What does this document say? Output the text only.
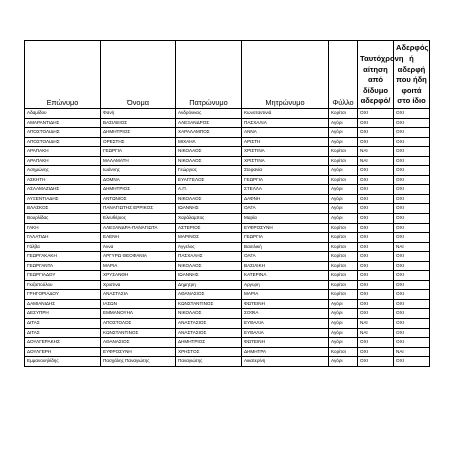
Επώνυμο	Όνομα	Πατρώνυμο	Μητρώνυμο	Φύλλο	Ταυτόχρονη αίτηση από δίδυμο αδερφό/	Αδερφός ή αδερφή που ήδη φοιτά στο ίδιο
Αδαμίδου	Φανή	Ανδρόνικος	Κωνσταντινιά	Κορίτσι	ΟΧΙ	ΟΧΙ
ΑΜΑΡΑΝΤΙΔΗΣ	ΒΑΣΙΛΕΙΟΣ	ΑΛΕΞΑΝΔΡΟΣ	ΠΑΣΧΑΛΙΑ	Αγόρι	ΟΧΙ	ΟΧΙ
ΑΠΟΣΤΟΛΙΔΗΣ	ΔΗΜΗΤΡΙΟΣ	ΧΑΡΑΛΑΜΠΟΣ	ΑΝΝΑ	Αγόρι	ΟΧΙ	ΟΧΙ
ΑΠΟΣΤΟΛΙΔΗΣ	ΟΡΕΣΤΗΣ	ΜΙΧΑΗΛ	ΑΡΙΣΤΗ	Αγόρι	ΟΧΙ	ΟΧΙ
ΑΡΑΠΑΚΗ	ΓΕΩΡΓΙΑ	ΝΙΚΟΛΑΟΣ	ΧΡΙΣΤΙΝΑ	Κορίτσι	ΝΑΙ	ΟΧΙ
ΑΡΑΠΑΚΗ	ΜΑΛΑΜΑΤΗ	ΝΙΚΟΛΑΟΣ	ΧΡΙΣΤΙΝΑ	Κορίτσι	ΝΑΙ	ΟΧΙ
Ασημώνης	Ιωάννης	Γεώργιος	Στεφανία	Αγόρι	ΟΧΙ	ΟΧΙ
ΑΣΚΗΤΗ	ΔΟΜΝΑ	ΕΥΑΓΓΕΛΟΣ	ΓΕΩΡΓΙΑ	Κορίτσι	ΟΧΙ	ΟΧΙ
ΑΣΛΑΜΑΖΙΔΗΣ	ΔΗΜΗΤΡΙΟΣ	Α.Π.	ΣΤΕΛΛΑ	Αγόρι	ΟΧΙ	ΟΧΙ
ΑΥΞΕΝΤΙΑΔΗΣ	ΑΝΤΩΝΙΟΣ	ΝΙΚΟΛΑΟΣ	ΔΑΦΝΗ	Αγόρι	ΟΧΙ	ΟΧΙ
ΒΛΑΣΚΟΣ	ΠΑΝΑΓΙΩΤΗΣ ΕΡΡΙΚΟΣ	ΙΩΑΝΝΗΣ	ΟΛΓΑ	Αγόρι	ΟΧΙ	ΟΧΙ
Βουρλίδας	Ελευθέριος	Χαράλαμπος	Μαρία	Αγόρι	ΟΧΙ	ΟΧΙ
ΓΑΚΗ	ΑΛΕΞΑΝΔΡΑ-ΠΑΝΑΓΙΩΤΑ	ΑΣΤΕΡΙΟΣ	ΕΥΦΡΟΣΥΝΗ	Κορίτσι	ΟΧΙ	ΟΧΙ
ΓΑΛΑΤΙΔΗ	ΕΛΕΝΗ	ΜΑΡΙΝΟΣ	ΓΕΩΡΓΙΑ	Κορίτσι	ΟΧΙ	ΟΧΙ
Γάλβα	Άννα	Άγγελος	Βασιλική	Κορίτσι	ΟΧΙ	ΝΑΙ
ΓΕΩΡΓΑΚΑΚΗ	ΑΡΓΥΡΩ ΘΕΟΦΑΝΙΑ	ΠΑΣΧΑΛΗΣ	ΟΛΓΑ	Κορίτσι	ΟΧΙ	ΟΧΙ
ΓΕΩΡΓΑΝΤΑ	ΜΑΡΙΑ	ΝΙΚΟΛΑΟΣ	ΒΑΣΙΛΙΚΗ	Κορίτσι	ΟΧΙ	ΟΧΙ
ΓΕΩΡΓΙΑΔΟΥ	ΧΡΥΣΑΝΘΗ	ΙΩΑΝΝΗΣ	ΚΑΤΕΡΙΝΑ	Κορίτσι	ΟΧΙ	ΟΧΙ
Γκιζοπούλου	Χριστινα	Δημητρη	Αργυρη	Κορίτσι	ΟΧΙ	ΟΧΙ
ΓΡΗΓΟΡΙΑΔΟΥ	ΑΝΑΣΤΑΣΙΑ	ΑΘΑΝΑΣΙΟΣ	ΜΑΡΙΑ	Κορίτσι	ΟΧΙ	ΟΧΙ
ΔΑΜΙΑΝΙΔΗΣ	ΙΑΣΩΝ	ΚΩΝΣΤΑΝΤΙΝΟΣ	ΦΩΤΕΙΝΗ	Αγόρι	ΟΧΙ	ΟΧΙ
ΔΕΣΥΠΡΗ	ΕΜΜΑΝΟΥΗΛ	ΝΙΚΟΛΑΟΣ	ΣΟΦΙΑ	Αγόρι	ΟΧΙ	ΟΧΙ
ΔΙΤΑΣ	ΑΠΟΣΤΟΛΟΣ	ΑΝΑΣΤΑΣΙΟΣ	ΕΥΘΑΛΙΑ	Αγόρι	ΝΑΙ	ΟΧΙ
ΔΙΤΑΣ	ΚΩΝΣΤΑΝΤΙΝΟΣ	ΑΝΑΣΤΑΣΙΟΣ	ΕΥΘΑΛΙΑ	Αγόρι	ΝΑΙ	ΟΧΙ
ΔΟΥΛΓΕΡΑΚΗΣ	ΑΘΑΝΑΣΙΟΣ	ΔΗΜΗΤΡΙΟΣ	ΦΩΤΕΙΝΗ	Αγόρι	ΟΧΙ	ΟΧΙ
ΔΟΥΛΓΕΡΗ	ΕΥΦΡΟΣΥΝΗ	ΧΡΗΣΤΟΣ	ΔΗΜΗΤΡΑ	Κορίτσι	ΟΧΙ	ΝΑΙ
Εμμανουηλίδης	Πασχάλης Παναγιώτης	Παναγιώτης	Αικατερίνη	Αγόρι	ΟΧΙ	ΟΧΙ
